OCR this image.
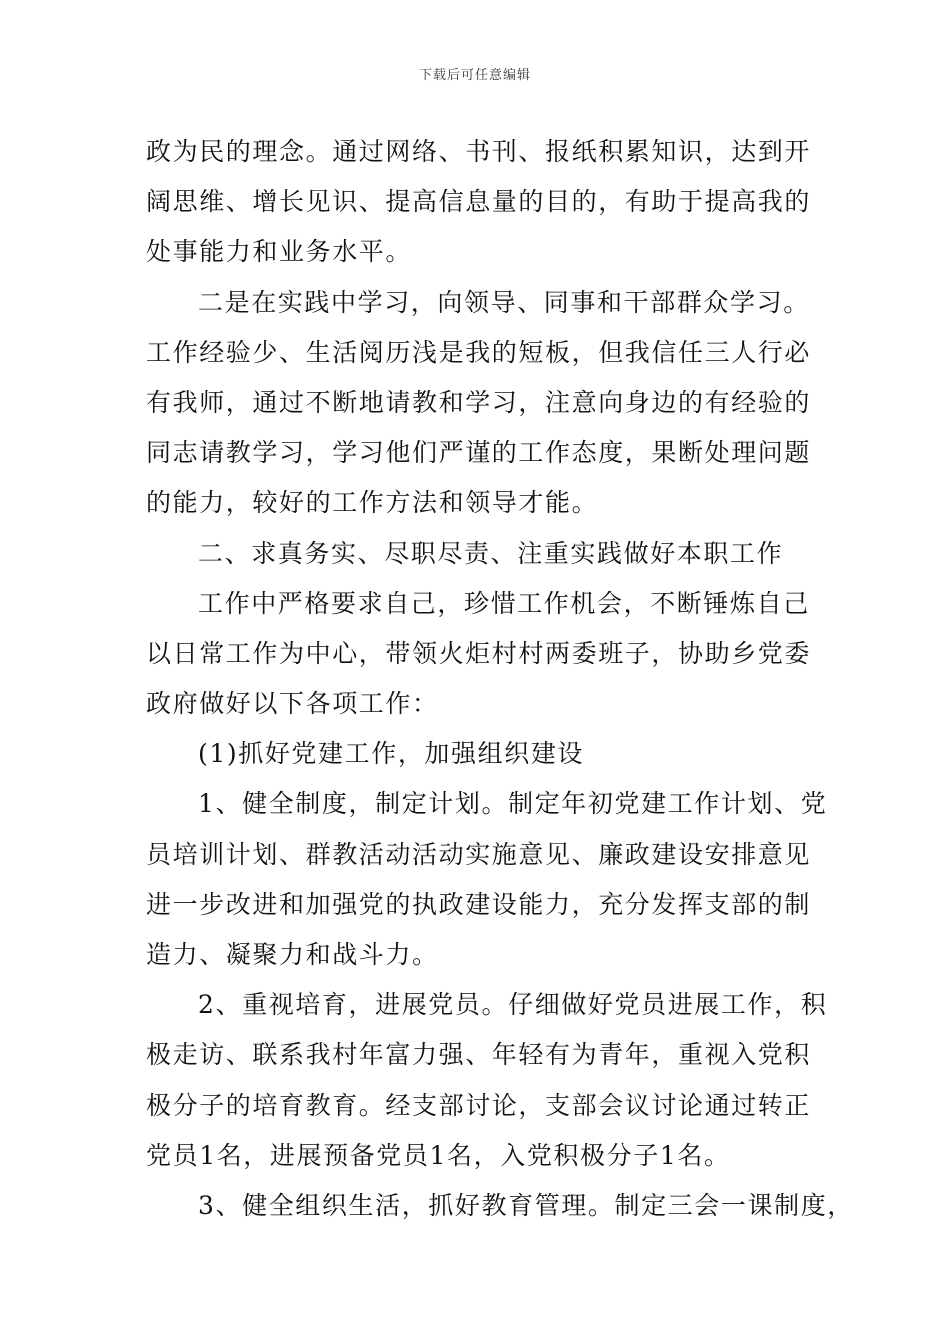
下载后可任意编辑
政为民的理念。通过网络、书刊、报纸积累知识，达到开
阔思维、增长见识、提高信息量的目的，有助于提高我的
处事能力和业务水平。
二是在实践中学习，向领导、同事和干部群众学习。
工作经验少、生活阅历浅是我的短板，但我信任三人行必
有我师，通过不断地请教和学习，注意向身边的有经验的
同志请教学习，学习他们严谨的工作态度，果断处理问题
的能力，较好的工作方法和领导才能。
二、求真务实、尽职尽责、注重实践做好本职工作
工作中严格要求自己，珍惜工作机会，不断锤炼自己
以日常工作为中心，带领火炬村村两委班子，协助乡党委
政府做好以下各项工作：
(1)抓好党建工作，加强组织建设
1、健全制度，制定计划。制定年初党建工作计划、党
员培训计划、群教活动活动实施意见、廉政建设安排意见
进一步改进和加强党的执政建设能力，充分发挥支部的制
造力、凝聚力和战斗力。
2、重视培育，进展党员。仔细做好党员进展工作，积
极走访、联系我村年富力强、年轻有为青年，重视入党积
极分子的培育教育。经支部讨论，支部会议讨论通过转正
党员1名，进展预备党员1名，入党积极分子1名。
3、健全组织生活，抓好教育管理。制定三会一课制度，
